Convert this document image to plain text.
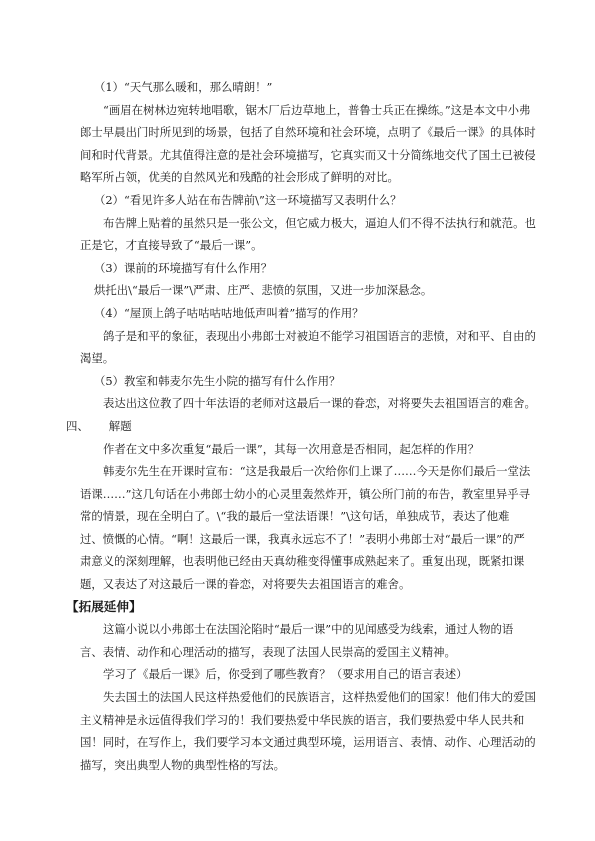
（1）“天气那么暖和，那么晴朗！”

“画眉在树林边宛转地唱歌，锯木厂后边草地上，普鲁士兵正在操练。”这是本文中小弗

郎士早晨出门时所见到的场景，包括了自然环境和社会环境，点明了《最后一课》的具体时

间和时代背景。尤其值得注意的是社会环境描写，它真实而又十分简练地交代了国土已被侵

略军所占领，优美的自然风光和残酷的社会形成了鲜明的对比。

（2）“看见许多人站在布告牌前\”这一环境描写又表明什么？

布告牌上贴着的虽然只是一张公文，但它威力极大，逼迫人们不得不法执行和就范。也

正是它，才直接导致了“最后一课”。

（3）课前的环境描写有什么作用？

烘托出\“最后一课”\严肃、庄严、悲愤的氛围，又进一步加深悬念。

（4）“屋顶上鸽子咕咕咕咕地低声叫着”描写的作用？

鸽子是和平的象征，表现出小弗郎士对被迫不能学习祖国语言的悲愤，对和平、自由的

渴望。

（5）教室和韩麦尔先生小院的描写有什么作用？

表达出这位教了四十年法语的老师对这最后一课的眷恋，对将要失去祖国语言的难舍。

四、 解题

作者在文中多次重复“最后一课”，其每一次用意是否相同，起怎样的作用？

韩麦尔先生在开课时宣布：“这是我最后一次给你们上课了……今天是你们最后一堂法

语课……”这几句话在小弗郎士幼小的心灵里轰然炸开，镇公所门前的布告，教室里异乎寻

常的情景，现在全明白了。\“我的最后一堂法语课！”\这句话，单独成节，表达了他难

过、愤慨的心情。“啊！这最后一课，我真永远忘不了！”表明小弗郎士对“最后一课”的严

肃意义的深刻理解，也表明他已经由天真幼稚变得懂事成熟起来了。重复出现，既紧扣课

题，又表达了对这最后一课的眷恋，对将要失去祖国语言的难舍。

【拓展延伸】

这篇小说以小弗郎士在法国沦陷时“最后一课”中的见闻感受为线索，通过人物的语

言、表情、动作和心理活动的描写，表现了法国人民崇高的爱国主义精神。

学习了《最后一课》后，你受到了哪些教育？（要求用自己的语言表述）

失去国土的法国人民这样热爱他们的民族语言，这样热爱他们的国家！他们伟大的爱国

主义精神是永远值得我们学习的！我们要热爱中华民族的语言，我们要热爱中华人民共和

国！同时，在写作上，我们要学习本文通过典型环境，运用语言、表情、动作、心理活动的

描写，突出典型人物的典型性格的写法。
